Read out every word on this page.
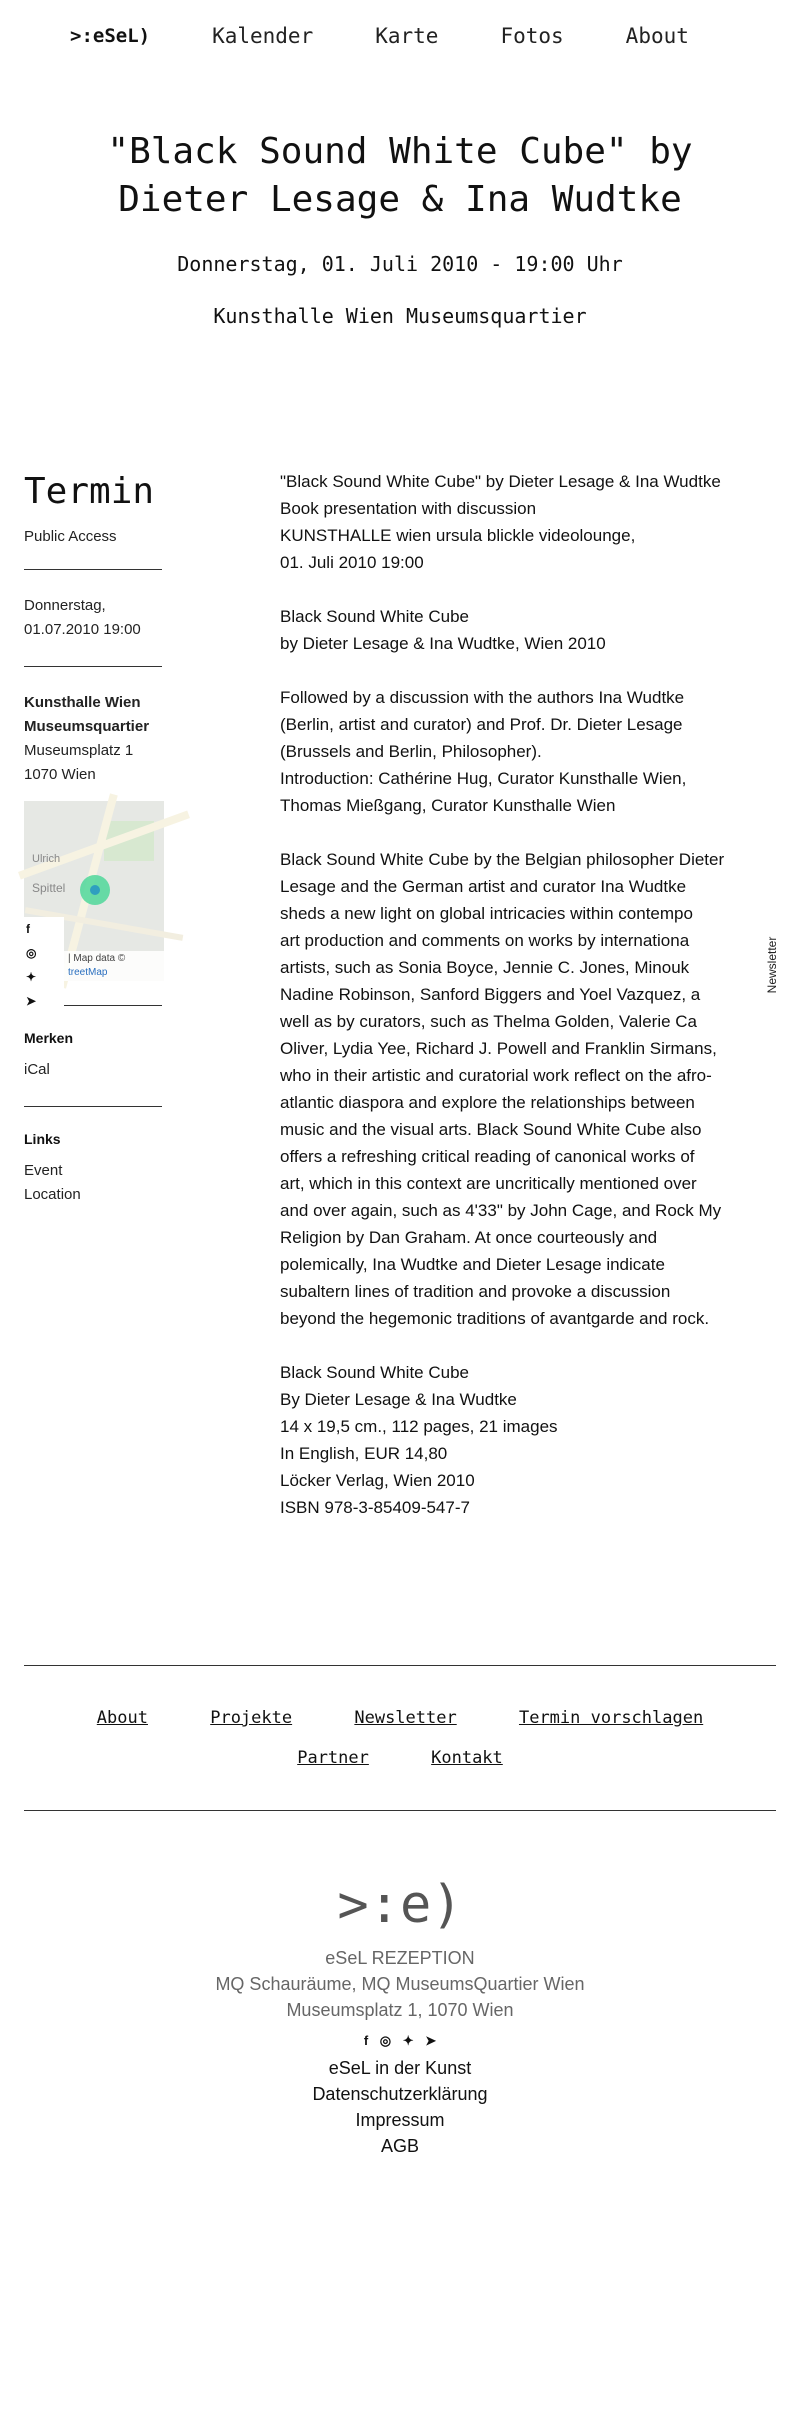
>:eSeL)	Kalender	Karte	Fotos	About
"Black Sound White Cube" by Dieter Lesage & Ina Wudtke
Donnerstag, 01. Juli 2010 - 19:00 Uhr
Kunsthalle Wien Museumsquartier
Termin
Public Access
Donnerstag,
01.07.2010 19:00
Kunsthalle Wien
Museumsquartier
Museumsplatz 1
1070 Wien
Ulrich
Spittel
| Map data ©
treetMap
f
◎
✦
➤
Merken
iCal
Links
Event
Location

"Black Sound White Cube" by Dieter Lesage & Ina Wudtke
Book presentation with discussion
KUNSTHALLE wien ursula blickle videolounge,
01. Juli 2010 19:00

Black Sound White Cube
by Dieter Lesage & Ina Wudtke, Wien 2010

Followed by a discussion with the authors Ina Wudtke
(Berlin, artist and curator) and Prof. Dr. Dieter Lesage
(Brussels and Berlin, Philosopher).
Introduction: Cathérine Hug, Curator Kunsthalle Wien,
Thomas Mießgang, Curator Kunsthalle Wien

Black Sound White Cube by the Belgian philosopher Dieter
Lesage and the German artist and curator Ina Wudtke
sheds a new light on global intricacies within contempo
art production and comments on works by internationa
artists, such as Sonia Boyce, Jennie C. Jones, Minouk
Nadine Robinson, Sanford Biggers and Yoel Vazquez, a
well as by curators, such as Thelma Golden, Valerie Ca
Oliver, Lydia Yee, Richard J. Powell and Franklin Sirmans,
who in their artistic and curatorial work reflect on the afro-
atlantic diaspora and explore the relationships between
music and the visual arts. Black Sound White Cube also
offers a refreshing critical reading of canonical works of
art, which in this context are uncritically mentioned over
and over again, such as 4'33" by John Cage, and Rock My
Religion by Dan Graham. At once courteously and
polemically, Ina Wudtke and Dieter Lesage indicate
subaltern lines of tradition and provoke a discussion
beyond the hegemonic traditions of avantgarde and rock.

Black Sound White Cube
By Dieter Lesage & Ina Wudtke
14 x 19,5 cm., 112 pages, 21 images
In English, EUR 14,80
Löcker Verlag, Wien 2010
ISBN 978-3-85409-547-7

Newsletter
About	Projekte	Newsletter	Termin vorschlagen
Partner	Kontakt
>:e)
eSeL REZEPTION
MQ Schauräume, MQ MuseumsQuartier Wien
Museumsplatz 1, 1070 Wien
f ◎ ✦ ➤
eSeL in der Kunst
Datenschutzerklärung
Impressum
AGB
